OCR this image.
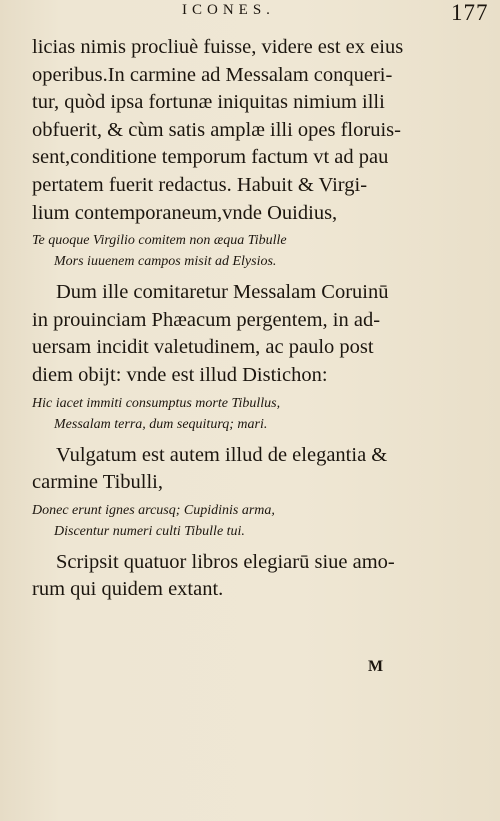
ICONES.	177

licias nimis procliuè fuisse, videre est ex eius
operibus.In carmine ad Messalam conqueri-
tur, quòd ipsa fortunæ iniquitas nimium illi
obfuerit, & cùm satis amplæ illi opes floruis-
sent,conditione temporum factum vt ad pau
pertatem fuerit redactus. Habuit & Virgi-
lium contemporaneum,vnde Ouidius,

Te quoque Virgilio comitem non æqua Tibulle
Mors iuuenem campos misit ad Elysios.

Dum ille comitaretur Messalam Coruinū
in prouinciam Phæacum pergentem, in ad-
uersam incidit valetudinem, ac paulo post
diem obijt: vnde est illud Distichon:

Hic iacet immiti consumptus morte Tibullus,
Messalam terra, dum sequiturq; mari.

Vulgatum est autem illud de elegantia &
carmine Tibulli,

Donec erunt ignes arcusq; Cupidinis arma,
Discentur numeri culti Tibulle tui.

Scripsit quatuor libros elegiarū siue amo-
rum qui quidem extant.

M
